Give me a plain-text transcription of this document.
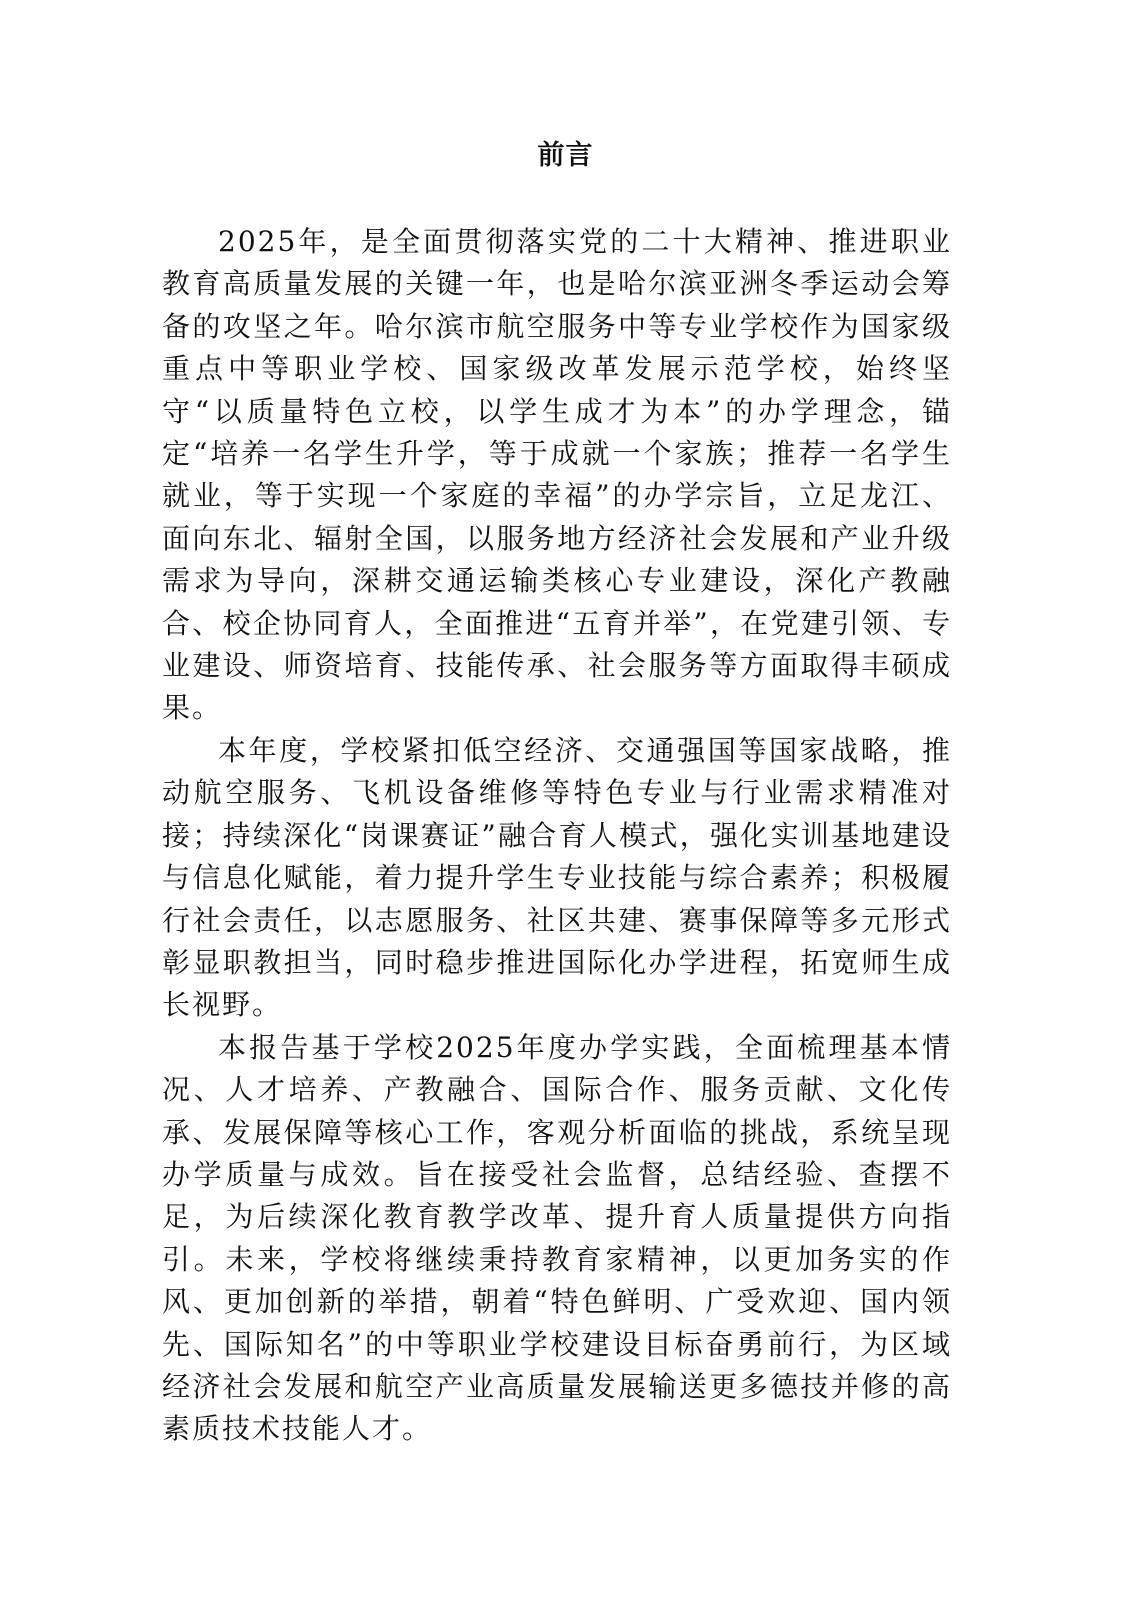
前言

2025年，是全面贯彻落实党的二十大精神、推进职业教育高质量发展的关键一年，也是哈尔滨亚洲冬季运动会筹备的攻坚之年。哈尔滨市航空服务中等专业学校作为国家级重点中等职业学校、国家级改革发展示范学校，始终坚守“以质量特色立校，以学生成才为本”的办学理念，锚定“培养一名学生升学，等于成就一个家族；推荐一名学生就业，等于实现一个家庭的幸福”的办学宗旨，立足龙江、面向东北、辐射全国，以服务地方经济社会发展和产业升级需求为导向，深耕交通运输类核心专业建设，深化产教融合、校企协同育人，全面推进“五育并举”，在党建引领、专业建设、师资培育、技能传承、社会服务等方面取得丰硕成果。

本年度，学校紧扣低空经济、交通强国等国家战略，推动航空服务、飞机设备维修等特色专业与行业需求精准对接；持续深化“岗课赛证”融合育人模式，强化实训基地建设与信息化赋能，着力提升学生专业技能与综合素养；积极履行社会责任，以志愿服务、社区共建、赛事保障等多元形式彰显职教担当，同时稳步推进国际化办学进程，拓宽师生成长视野。

本报告基于学校2025年度办学实践，全面梳理基本情况、人才培养、产教融合、国际合作、服务贡献、文化传承、发展保障等核心工作，客观分析面临的挑战，系统呈现办学质量与成效。旨在接受社会监督，总结经验、查摆不足，为后续深化教育教学改革、提升育人质量提供方向指引。未来，学校将继续秉持教育家精神，以更加务实的作风、更加创新的举措，朝着“特色鲜明、广受欢迎、国内领先、国际知名”的中等职业学校建设目标奋勇前行，为区域经济社会发展和航空产业高质量发展输送更多德技并修的高素质技术技能人才。
